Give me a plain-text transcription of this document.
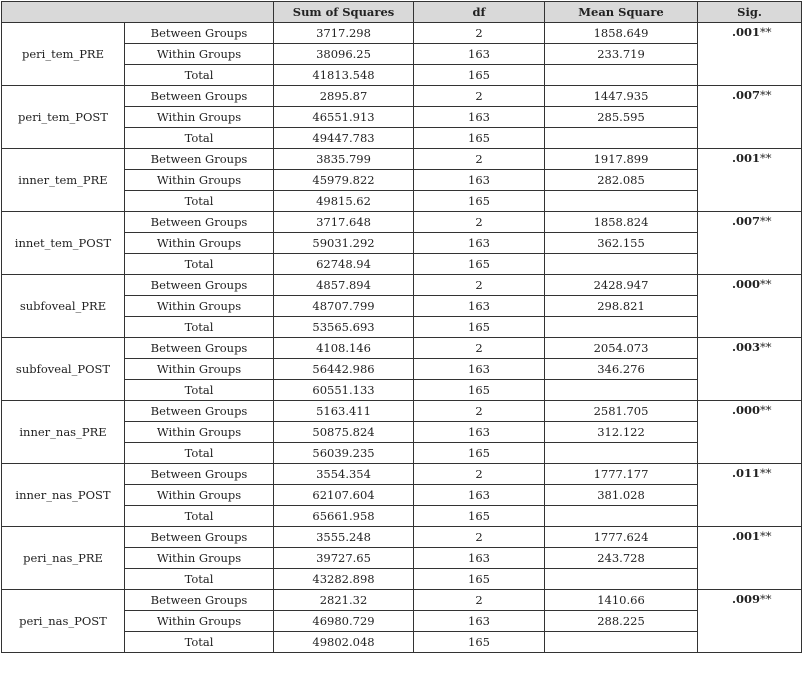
		Sum of Squares	df	Mean Square	Sig.
peri_tem_PRE	Between Groups	3717.298	2	1858.649	.001**
	Within Groups	38096.25	163	233.719	
	Total	41813.548	165		
peri_tem_POST	Between Groups	2895.87	2	1447.935	.007**
	Within Groups	46551.913	163	285.595	
	Total	49447.783	165		
inner_tem_PRE	Between Groups	3835.799	2	1917.899	.001**
	Within Groups	45979.822	163	282.085	
	Total	49815.62	165		
innet_tem_POST	Between Groups	3717.648	2	1858.824	.007**
	Within Groups	59031.292	163	362.155	
	Total	62748.94	165		
subfoveal_PRE	Between Groups	4857.894	2	2428.947	.000**
	Within Groups	48707.799	163	298.821	
	Total	53565.693	165		
subfoveal_POST	Between Groups	4108.146	2	2054.073	.003**
	Within Groups	56442.986	163	346.276	
	Total	60551.133	165		
inner_nas_PRE	Between Groups	5163.411	2	2581.705	.000**
	Within Groups	50875.824	163	312.122	
	Total	56039.235	165		
inner_nas_POST	Between Groups	3554.354	2	1777.177	.011**
	Within Groups	62107.604	163	381.028	
	Total	65661.958	165		
peri_nas_PRE	Between Groups	3555.248	2	1777.624	.001**
	Within Groups	39727.65	163	243.728	
	Total	43282.898	165		
peri_nas_POST	Between Groups	2821.32	2	1410.66	.009**
	Within Groups	46980.729	163	288.225	
	Total	49802.048	165		
